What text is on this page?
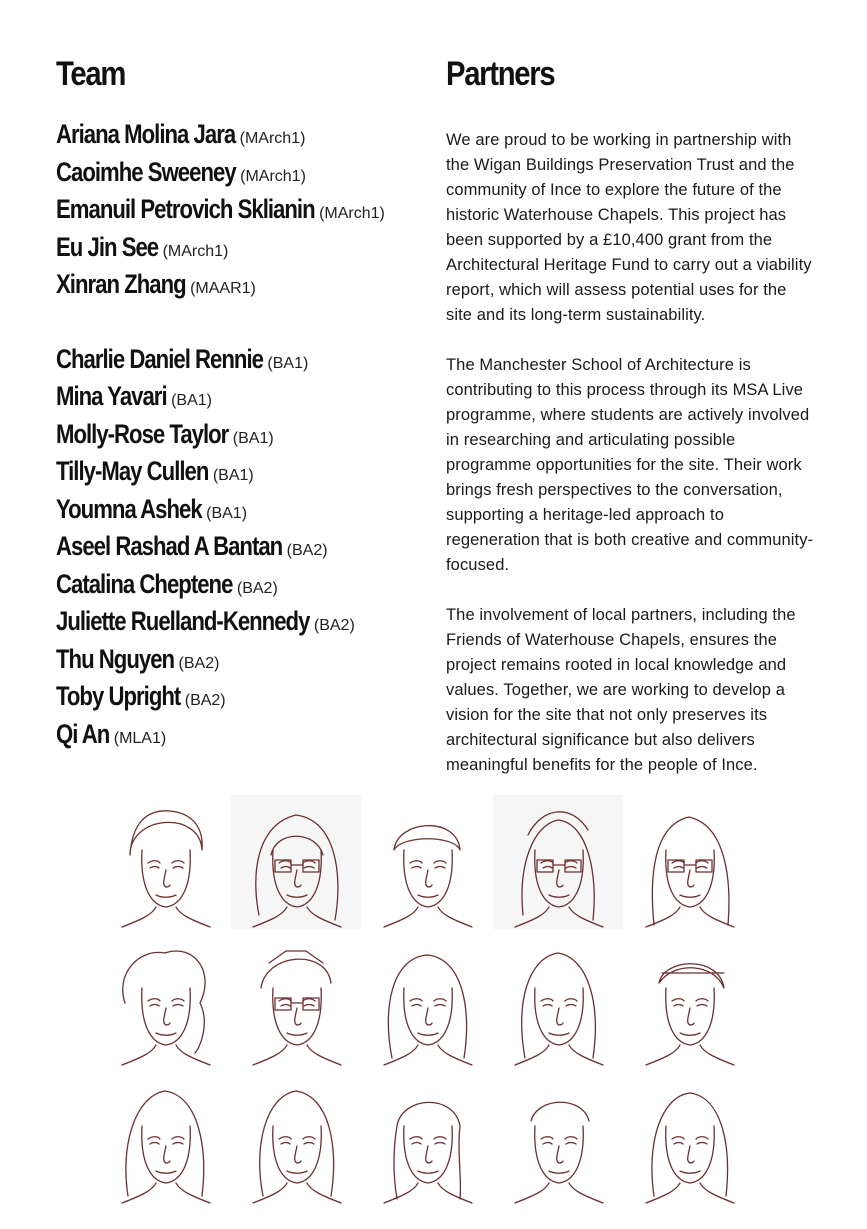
Team
Ariana Molina Jara (MArch1)
Caoimhe Sweeney (MArch1)
Emanuil Petrovich Sklianin (MArch1)
Eu Jin See (MArch1)
Xinran Zhang (MAAR1)
Charlie Daniel Rennie (BA1)
Mina Yavari (BA1)
Molly-Rose Taylor (BA1)
Tilly-May Cullen (BA1)
Youmna Ashek (BA1)
Aseel Rashad A Bantan (BA2)
Catalina Cheptene (BA2)
Juliette Ruelland-Kennedy (BA2)
Thu Nguyen (BA2)
Toby Upright (BA2)
Qi An (MLA1)
Partners

We are proud to be working in partnership with the Wigan Buildings Preservation Trust and the community of Ince to explore the future of the historic Waterhouse Chapels. This project has been supported by a £10,400 grant from the Architectural Heritage Fund to carry out a viability report, which will assess potential uses for the site and its long-term sustainability.

The Manchester School of Architecture is contributing to this process through its MSA Live programme, where students are actively involved in researching and articulating possible programme opportunities for the site. Their work brings fresh perspectives to the conversation, supporting a heritage-led approach to regeneration that is both creative and community-focused.

The involvement of local partners, including the Friends of Waterhouse Chapels, ensures the project remains rooted in local knowledge and values. Together, we are working to develop a vision for the site that not only preserves its architectural significance but also delivers meaningful benefits for the people of Ince.
